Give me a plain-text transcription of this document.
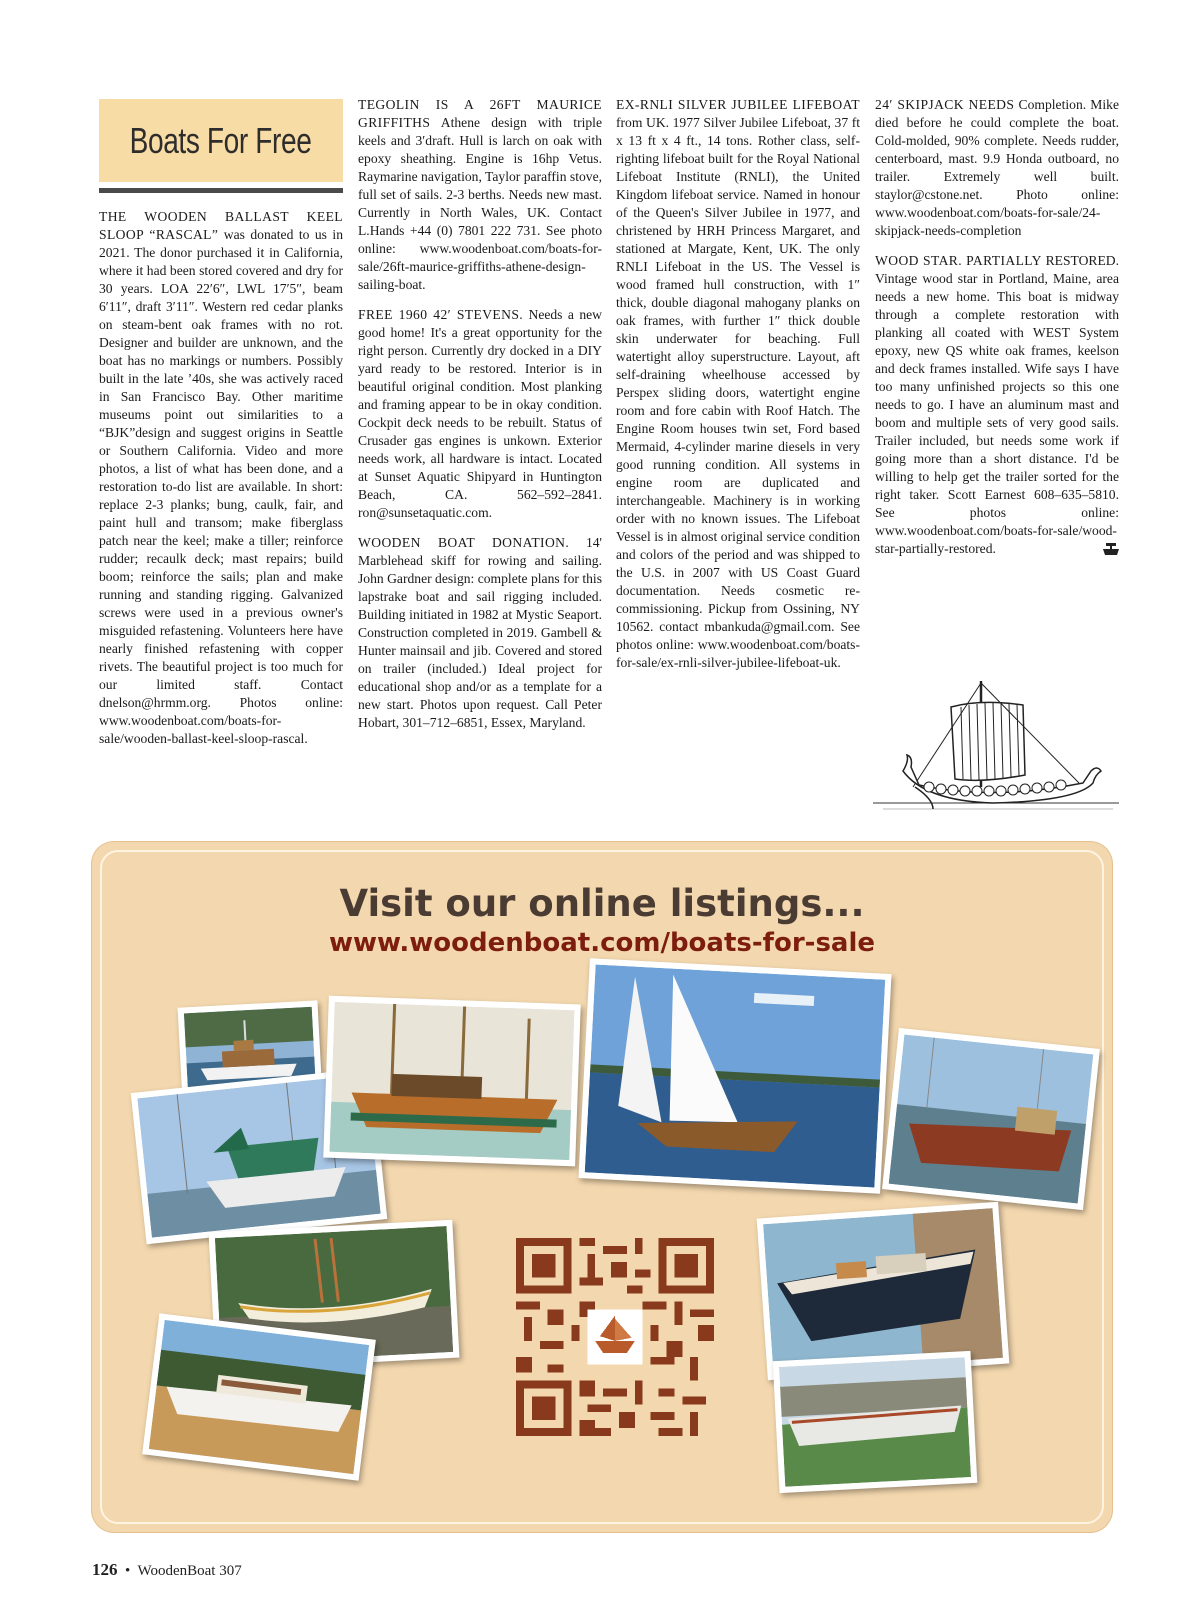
Boats For Free

THE WOODEN BALLAST KEEL SLOOP “RASCAL” was donated to us in 2021. The donor purchased it in California, where it had been stored covered and dry for 30 years. LOA 22′6″, LWL 17′5″, beam 6′11″, draft 3′11″. Western red cedar planks on steam-bent oak frames with no rot. Designer and builder are unknown, and the boat has no markings or numbers. Possibly built in the late ’40s, she was actively raced in San Francisco Bay. Other maritime museums point out similarities to a “BJK”design and suggest origins in Seattle or Southern California. Video and more photos, a list of what has been done, and a restoration to-do list are available. In short: replace 2-3 planks; bung, caulk, fair, and paint hull and transom; make fiberglass patch near the keel; make a tiller; reinforce rudder; recaulk deck; mast repairs; build boom; reinforce the sails; plan and make running and standing rigging. Galvanized screws were used in a previous owner's misguided refastening. Volunteers here have nearly finished refastening with copper rivets. The beautiful project is too much for our limited staff. Contact dnelson@hrmm.org. Photos online: www.woodenboat.com/boats-for-sale/wooden-ballast-keel-sloop-rascal.

TEGOLIN IS A 26FT MAURICE GRIFFITHS Athene design with triple keels and 3′draft. Hull is larch on oak with epoxy sheathing. Engine is 16hp Vetus. Raymarine navigation, Taylor paraffin stove, full set of sails. 2-3 berths. Needs new mast. Currently in North Wales, UK. Contact L.Hands +44 (0) 7801 222 731. See photo online: www.woodenboat.com/boats-for-sale/26ft-maurice-griffiths-athene-design-sailing-boat.

FREE 1960 42′ STEVENS. Needs a new good home! It's a great opportunity for the right person. Currently dry docked in a DIY yard ready to be restored. Interior is in beautiful original condition. Most planking and framing appear to be in okay condition. Cockpit deck needs to be rebuilt. Status of Crusader gas engines is unkown. Exterior needs work, all hardware is intact. Located at Sunset Aquatic Shipyard in Huntington Beach, CA. 562–592–2841. ron@sunsetaquatic.com.

WOODEN BOAT DONATION. 14' Marblehead skiff for rowing and sailing. John Gardner design: complete plans for this lapstrake boat and sail rigging included. Building initiated in 1982 at Mystic Seaport. Construction completed in 2019. Gambell & Hunter mainsail and jib. Covered and stored on trailer (included.) Ideal project for educational shop and/or as a template for a new start. Photos upon request. Call Peter Hobart, 301–712–6851, Essex, Maryland.

EX-RNLI SILVER JUBILEE LIFEBOAT from UK. 1977 Silver Jubilee Lifeboat, 37 ft x 13 ft x 4 ft., 14 tons. Rother class, self-righting lifeboat built for the Royal National Lifeboat Institute (RNLI), the United Kingdom lifeboat service. Named in honour of the Queen's Silver Jubilee in 1977, and christened by HRH Princess Margaret, and stationed at Margate, Kent, UK. The only RNLI Lifeboat in the US. The Vessel is wood framed hull construction, with 1″ thick, double diagonal mahogany planks on oak frames, with further 1″ thick double skin underwater for beaching. Full watertight alloy superstructure. Layout, aft self-draining wheelhouse accessed by Perspex sliding doors, watertight engine room and fore cabin with Roof Hatch. The Engine Room houses twin set, Ford based Mermaid, 4-cylinder marine diesels in very good running condition. All systems in engine room are duplicated and interchangeable. Machinery is in working order with no known issues. The Lifeboat Vessel is in almost original service condition and colors of the period and was shipped to the U.S. in 2007 with US Coast Guard documentation. Needs cosmetic re-commissioning. Pickup from Ossining, NY 10562. contact mbankuda@gmail.com. See photos online: www.woodenboat.com/boats-for-sale/ex-rnli-silver-jubilee-lifeboat-uk.

24′ SKIPJACK NEEDS Completion. Mike died before he could complete the boat. Cold-molded, 90% complete. Needs rudder, centerboard, mast. 9.9 Honda outboard, no trailer. Extremely well built. staylor@cstone.net. Photo online: www.woodenboat.com/boats-for-sale/24-skipjack-needs-completion

WOOD STAR. PARTIALLY RESTORED. Vintage wood star in Portland, Maine, area needs a new home. This boat is midway through a complete restoration with planking all coated with WEST System epoxy, new QS white oak frames, keelson and deck frames installed. Wife says I have too many unfinished projects so this one needs to go. I have an aluminum mast and boom and multiple sets of very good sails. Trailer included, but needs some work if going more than a short distance. I'd be willing to help get the trailer sorted for the right taker. Scott Earnest 608–635–5810. See photos online: www.woodenboat.com/boats-for-sale/wood-star-partially-restored.

Visit our online listings...
www.woodenboat.com/boats-for-sale
126 • WoodenBoat 307
